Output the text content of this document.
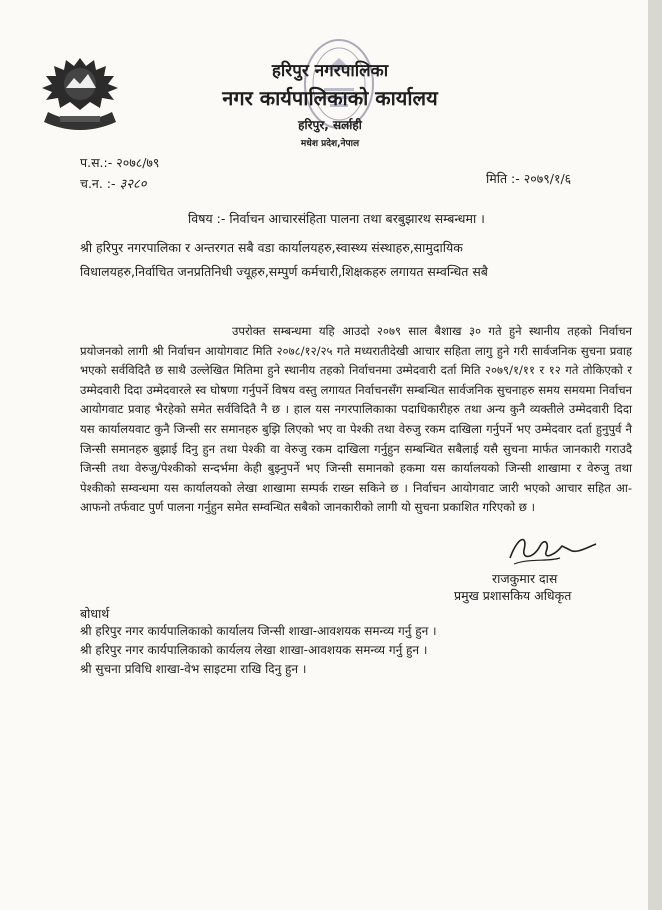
हरिपुर नगरपालिका
नगर कार्यपालिकाको कार्यालय
हरिपुर, सर्लाही
मधेश प्रदेश,नेपाल
प.स.:- २०७८/७९
च.न. :- ३२८०	मिति :- २०७९/१/६
विषय :- निर्वाचन आचारसंहिता पालना तथा बरबुझारथ सम्बन्धमा ।
श्री हरिपुर नगरपालिका र अन्तरगत सबै वडा कार्यालयहरु,स्वास्थ्य संस्थाहरु,सामुदायिक
विधालयहरु,निर्वाचित जनप्रतिनिधी ज्यूहरु,सम्पुर्ण कर्मचारी,शिक्षकहरु लगायत सम्वन्धित सबै
उपरोक्त सम्बन्धमा यहि आउदो २०७९ साल बैशाख ३० गते हुने स्थानीय तहको निर्वाचन प्रयोजनको लागी श्री निर्वाचन आयोगवाट मिति २०७८/१२/२५ गते मध्यरातीदेखी आचार सहिता लागु हुने गरी सार्वजनिक सुचना प्रवाह भएको सर्वविदितै छ साथै उल्लेखित मितिमा हुने स्थानीय तहको निर्वाचनमा उम्मेदवारी दर्ता मिति २०७९/१/११ र १२ गते तोकिएको र उम्मेदवारी दिदा उम्मेदवारले स्व घोषणा गर्नुपर्ने विषय वस्तु लगायत निर्वाचनसँग सम्बन्धित सार्वजनिक सुचनाहरु समय समयमा निर्वाचन आयोगवाट प्रवाह भैरहेको समेत सर्वविदितै नै छ । हाल यस नगरपालिकाका पदाधिकारीहरु तथा अन्य कुनै व्यक्तीले उम्मेदवारी दिदा यस कार्यालयवाट कुनै जिन्सी सर समानहरु बुझि लिएको भए वा पेश्की तथा वेरुजु रकम दाखिला गर्नुपर्ने भए उम्मेदवार दर्ता हुनुपुर्व नै जिन्सी समानहरु बुझाई दिनु हुन तथा पेश्की वा वेरुजु रकम दाखिला गर्नुहुन सम्बन्धित सबैलाई यसै सुचना मार्फत जानकारी गराउदै जिन्सी तथा वेरुजु/पेश्कीको सन्दर्भमा केही बुझ्नुपर्ने भए जिन्सी समानको हकमा यस कार्यालयको जिन्सी शाखामा र वेरुजु तथा पेश्कीको सम्वन्धमा यस कार्यालयको लेखा शाखामा सम्पर्क राख्न सकिने छ । निर्वाचन आयोगवाट जारी भएको आचार सहित आ-आफनो तर्फवाट पुर्ण पालना गर्नुहुन समेत सम्वन्धित सबैको जानकारीको लागी यो सुचना प्रकाशित गरिएको छ ।
राजकुमार दास
प्रमुख प्रशासकिय अधिकृत
बोधार्थ
श्री हरिपुर नगर कार्यपालिकाको कार्यालय जिन्सी शाखा-आवशयक समन्व्य गर्नु हुन ।
श्री हरिपुर नगर कार्यपालिकाको कार्यलय लेखा शाखा-आवशयक समन्व्य गर्नु हुन ।
श्री सुचना प्रविधि शाखा-वेभ साइटमा राखि दिनु हुन ।
